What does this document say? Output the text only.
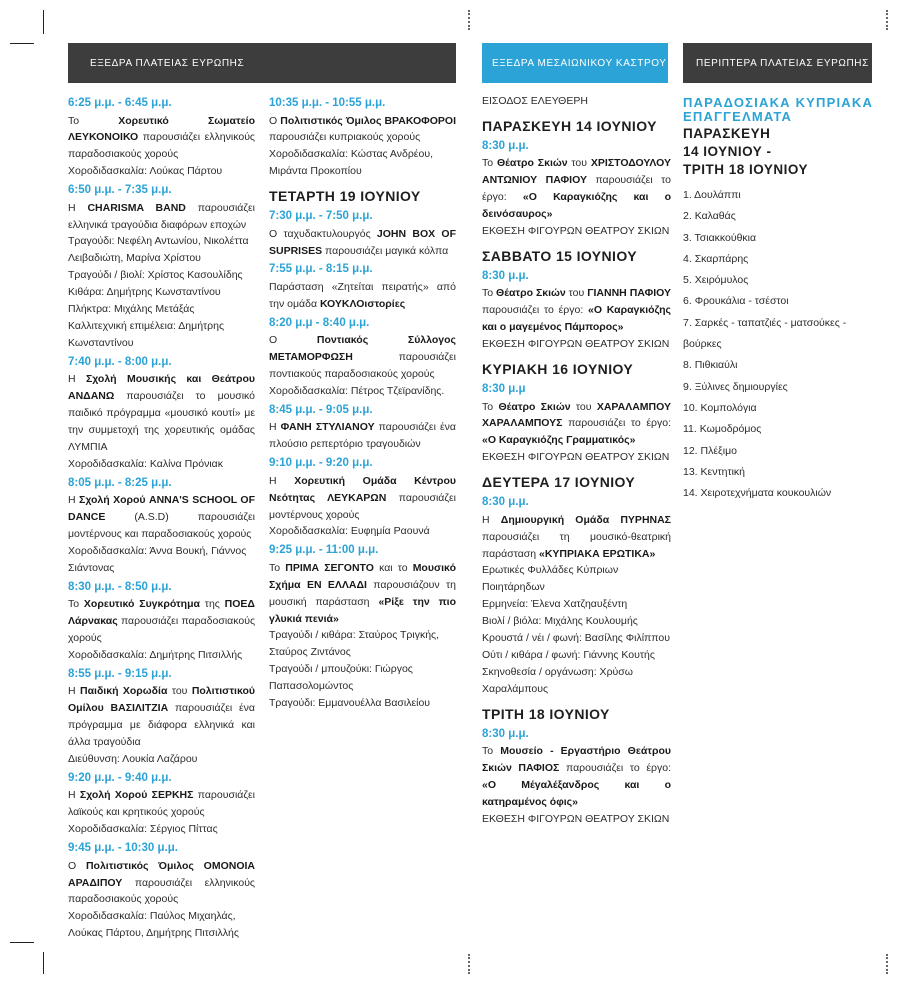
ΕΞΕΔΡΑ ΠΛΑΤΕΙΑΣ ΕΥΡΩΠΗΣ	ΕΞΕΔΡΑ ΜΕΣΑΙΩΝΙΚΟΥ ΚΑΣΤΡΟΥ	ΠΕΡΙΠΤΕΡΑ ΠΛΑΤΕΙΑΣ ΕΥΡΩΠΗΣ

6:25 μ.μ. - 6:45 μ.μ.

Το Χορευτικό Σωματείο ΛΕΥΚΟΝΟΙΚΟ παρουσιάζει ελληνικούς παραδοσιακούς χορούς

Χοροδιδασκαλία: Λούκας Πάρτου

6:50 μ.μ. - 7:35 μ.μ.

Η CHARISMA BAND παρουσιάζει ελληνικά τραγούδια διαφόρων εποχών

Τραγούδι: Νεφέλη Αντωνίου, Νικολέττα Λειβαδιώτη, Μαρίνα Χρίστου

Τραγούδι / βιολί: Χρίστος Κασουλίδης

Κιθάρα: Δημήτρης Κωνσταντίνου

Πλήκτρα: Μιχάλης Μετάξάς

Καλλιτεχνική επιμέλεια: Δημήτρης Κωνσταντίνου

7:40 μ.μ. - 8:00 μ.μ.

Η Σχολή Μουσικής και Θεάτρου ΑΝΔΑΝΩ παρουσιάζει το μουσικό παιδικό πρόγραμμα «μουσικό κουτί» με την συμμετοχή της χορευτικής ομάδας ΛΥΜΠΙΑ

Χοροδιδασκαλία: Καλίνα Πρόνιακ

8:05 μ.μ. - 8:25 μ.μ.

Η Σχολή Χορού ANNA'S SCHOOL OF DANCE (A.S.D) παρουσιάζει μοντέρνους και παραδοσιακούς χορούς

Χοροδιδασκαλία: Άννα Βουκή, Γιάννος Σιάντονας

8:30 μ.μ. - 8:50 μ.μ.

Το Χορευτικό Συγκρότημα της ΠΟΕΔ Λάρνακας παρουσιάζει παραδοσιακούς χορούς

Χοροδιδασκαλία: Δημήτρης Πιτσιλλής

8:55 μ.μ. - 9:15 μ.μ.

Η Παιδική Χορωδία του Πολιτιστικού Ομίλου ΒΑΣΙΛΙΤΖΙΑ παρουσιάζει ένα πρόγραμμα με διάφορα ελληνικά και άλλα τραγούδια

Διεύθυνση: Λουκία Λαζάρου

9:20 μ.μ. - 9:40 μ.μ.

Η Σχολή Χορού ΣΕΡΚΗΣ παρουσιάζει λαϊκούς και κρητικούς χορούς

Χοροδιδασκαλία: Σέργιος Πίττας

9:45 μ.μ. - 10:30 μ.μ.

Ο Πολιτιστικός Όμιλος ΟΜΟΝΟΙΑ ΑΡΑΔΙΠΟΥ παρουσιάζει ελληνικούς παραδοσιακούς χορούς

Χοροδιδασκαλία: Παύλος Μιχαηλάς, Λούκας Πάρτου, Δημήτρης Πιτσιλλής

10:35 μ.μ. - 10:55 μ.μ.

Ο Πολιτιστικός Όμιλος ΒΡΑΚΟΦΟΡΟΙ παρουσιάζει κυπριακούς χορούς

Χοροδιδασκαλία: Κώστας Ανδρέου, Μιράντα Προκοπίου

ΤΕΤΑΡΤΗ 19 ΙΟΥΝΙΟΥ

7:30 μ.μ. - 7:50 μ.μ.

Ο ταχυδακτυλουργός JOHN BOX OF SUPRISES παρουσιάζει μαγικά κόλπα

7:55 μ.μ. - 8:15 μ.μ.

Παράσταση «Ζητείται πειρατής» από την ομάδα ΚΟΥΚΛΟιστορίες

8:20 μ.μ - 8:40 μ.μ.

Ο Ποντιακός Σύλλογος ΜΕΤΑΜΟΡΦΩΣΗ παρουσιάζει ποντιακούς παραδοσιακούς χορούς

Χοροδιδασκαλία: Πέτρος Τζεϊρανίδης.

8:45 μ.μ. - 9:05 μ.μ.

Η ΦΑΝΗ ΣΤΥΛΙΑΝΟΥ παρουσιάζει ένα πλούσιο ρεπερτόριο τραγουδιών

9:10 μ.μ. - 9:20 μ.μ.

Η Χορευτική Ομάδα Κέντρου Νεότητας ΛΕΥΚΑΡΩΝ παρουσιάζει μοντέρνους χορούς

Χοροδιδασκαλία: Ευφημία Ραουνά

9:25 μ.μ. - 11:00 μ.μ.

Το ΠΡΙΜΑ ΣΕΓΟΝΤΟ και το Μουσικό Σχήμα ΕΝ ΕΛΛΑΔΙ παρουσιάζουν τη μουσική παράσταση «Ρίξε την πιο γλυκιά πενιά»

Τραγούδι / κιθάρα: Σταύρος Τριγκής, Σταύρος Ζιντάνος

Τραγούδι / μπουζούκι: Γιώργος Παπασολομώντος

Τραγούδι: Εμμανουέλλα Βασιλείου

ΕΙΣΟΔΟΣ ΕΛΕΥΘΕΡΗ

ΠΑΡΑΣΚΕΥΗ 14 ΙΟΥΝΙΟΥ

8:30 μ.μ.

Το Θέατρο Σκιών του ΧΡΙΣΤΟΔΟΥΛΟΥ ΑΝΤΩΝΙΟΥ ΠΑΦΙΟΥ παρουσιάζει το έργο: «Ο Καραγκιόζης και ο δεινόσαυρος»

ΕΚΘΕΣΗ ΦΙΓΟΥΡΩΝ ΘΕΑΤΡΟΥ ΣΚΙΩΝ

ΣΑΒΒΑΤΟ 15 ΙΟΥΝΙΟΥ

8:30 μ.μ.

Το Θέατρο Σκιών του ΓΙΑΝΝΗ ΠΑΦΙΟΥ παρουσιάζει το έργο: «Ο Καραγκιόζης και ο μαγεμένος Πάμπορος»

ΕΚΘΕΣΗ ΦΙΓΟΥΡΩΝ ΘΕΑΤΡΟΥ ΣΚΙΩΝ

ΚΥΡΙΑΚΗ 16 ΙΟΥΝΙΟΥ

8:30 μ.μ

Το Θέατρο Σκιών του ΧΑΡΑΛΑΜΠΟΥ ΧΑΡΑΛΑΜΠΟΥΣ παρουσιάζει το έργο: «Ο Καραγκιόζης Γραμματικός»

ΕΚΘΕΣΗ ΦΙΓΟΥΡΩΝ ΘΕΑΤΡΟΥ ΣΚΙΩΝ

ΔΕΥΤΕΡΑ 17 ΙΟΥΝΙΟΥ

8:30 μ.μ.

Η Δημιουργική Ομάδα ΠΥΡΗΝΑΣ παρουσιάζει τη μουσικό-θεατρική παράσταση «ΚΥΠΡΙΑΚΑ ΕΡΩΤΙΚΑ»

Ερωτικές Φυλλάδες Κύπριων Ποιητάρηδων

Ερμηνεία: Έλενα Χατζηαυξέντη

Βιολί / βιόλα: Μιχάλης Κουλουμής

Κρουστά / νέι / φωνή: Βασίλης Φιλίππου

Ούτι / κιθάρα / φωνή: Γιάννης Κουτής

Σκηνοθεσία / οργάνωση: Χρύσω Χαραλάμπους

ΤΡΙΤΗ 18 ΙΟΥΝΙΟΥ

8:30 μ.μ.

Το Μουσείο - Εργαστήριο Θεάτρου Σκιών ΠΑΦΙΟΣ παρουσιάζει το έργο: «Ο Μέγαλέξανδρος και ο κατηραμένος όφις»

ΕΚΘΕΣΗ ΦΙΓΟΥΡΩΝ ΘΕΑΤΡΟΥ ΣΚΙΩΝ

ΠΑΡΑΔΟΣΙΑΚΑ ΚΥΠΡΙΑΚΑ
ΕΠΑΓΓΕΛΜΑΤΑ

ΠΑΡΑΣΚΕΥΗ
14 ΙΟΥΝΙΟΥ -
ΤΡΙΤΗ 18 ΙΟΥΝΙΟΥ

1. Δουλάππι
2. Καλαθάς
3. Τσιακκούθκια
4. Σκαρπάρης
5. Χειρόμυλος
6. Φρουκάλια - τσέστοι
7. Σαρκές - ταπατζιές - ματσούκες - βούρκες
8. Πιθκιαύλι
9. Ξύλινες δημιουργίες
10. Κομπολόγια
11. Κωμοδρόμος
12. Πλέξιμο
13. Κεντητική
14. Χειροτεχνήματα κουκουλιών
